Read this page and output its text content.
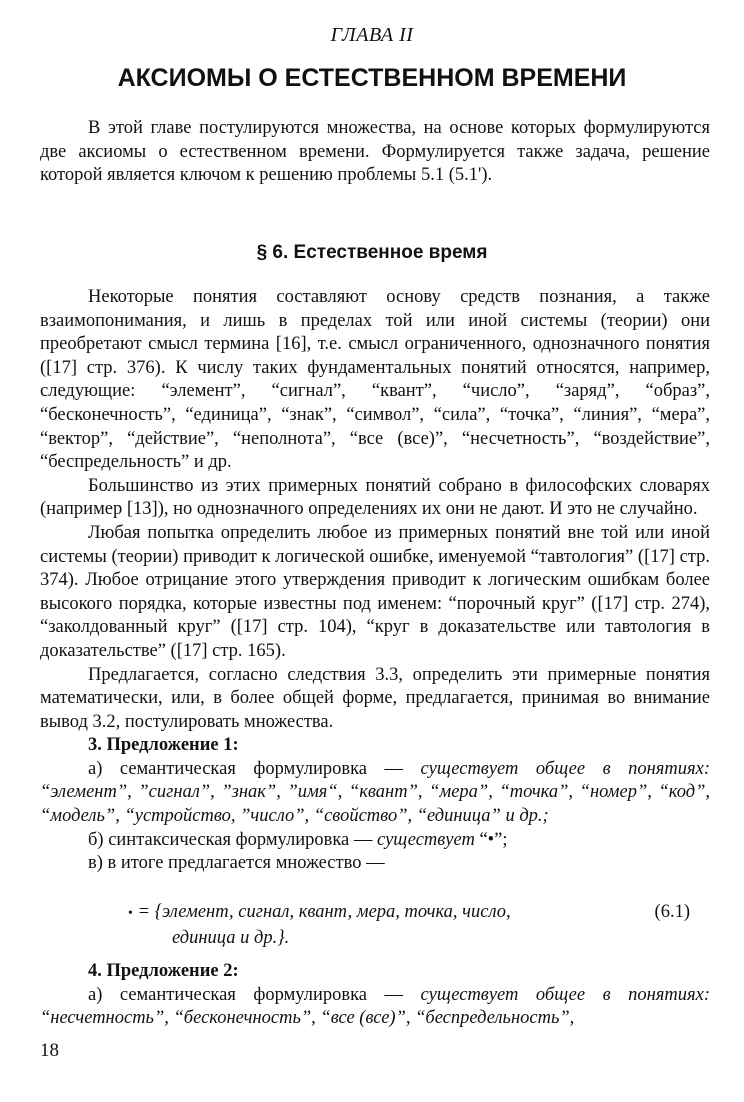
ГЛАВА II
АКСИОМЫ О ЕСТЕСТВЕННОМ ВРЕМЕНИ

В этой главе постулируются множества, на основе которых формулируются две аксиомы о естественном времени. Формулируется также задача, решение которой является ключом к решению проблемы 5.1 (5.1').

§ 6. Естественное время

Некоторые понятия составляют основу средств познания, а также взаимопонимания, и лишь в пределах той или иной системы (теории) они преобретают смысл термина [16], т.е. смысл ограниченного, однозначного понятия ([17] стр. 376). К числу таких фундаментальных понятий относятся, например, следующие: “элемент”, “сигнал”, “квант”, “число”, “заряд”, “образ”, “бесконечность”, “единица”, “знак”, “символ”, “сила”, “точка”, “линия”, “мера”, “вектор”, “действие”, “неполнота”, “все (все)”, “несчетность”, “воздействие”, “беспредельность” и др.

Большинство из этих примерных понятий собрано в философских словарях (например [13]), но однозначного определениях их они не дают. И это не случайно.

Любая попытка определить любое из примерных понятий вне той или иной системы (теории) приводит к логической ошибке, именуемой “тавтология” ([17] стр. 374). Любое отрицание этого утверждения приводит к логическим ошибкам более высокого порядка, которые известны под именем: “порочный круг” ([17] стр. 274), “заколдованный круг” ([17] стр. 104), “круг в доказательстве или тавтология в доказательстве” ([17] стр. 165).

Предлагается, согласно следствия 3.3, определить эти примерные понятия математически, или, в более общей форме, предлагается, принимая во внимание вывод 3.2, постулировать множества.

3. Предложение 1:

а) семантическая формулировка — существует общее в понятиях: “элемент”, ”сигнал”, ”знак”, ”имя“, “квант”, “мера”, “точка”, “номер”, “код”, “модель”, “устройство, ”число”, “свойство”, “единица” и др.;

б) синтаксическая формулировка — существует “•”;

в) в итоге предлагается множество —

• = {элемент, сигнал, квант, мера, точка, число,
единица и др.}.
(6.1)

4. Предложение 2:

а) семантическая формулировка — существует общее в понятиях: “несчетность”, “бесконечность”, “все (все)”, “беспредельность”,

18
